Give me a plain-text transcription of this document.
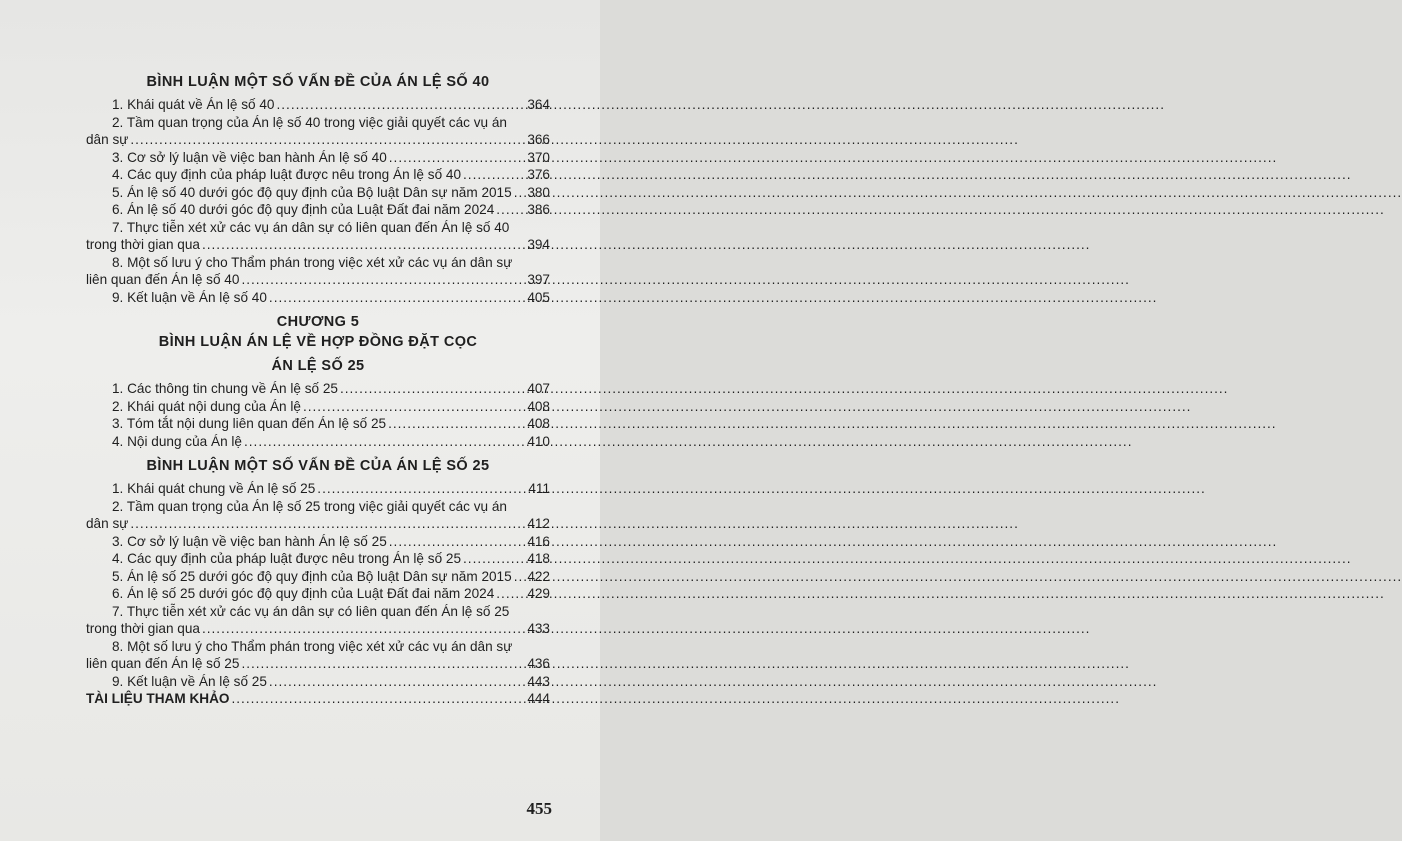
BÌNH LUẬN MỘT SỐ VẤN ĐỀ CỦA ÁN LỆ SỐ 40

1. Khái quát về Án lệ số 40 .....	364
2. Tầm quan trọng của Án lệ số 40 trong việc giải quyết các vụ án
dân sự .....	366
3. Cơ sở lý luận về việc ban hành Án lệ số 40 .....	370
4. Các quy định của pháp luật được nêu trong Án lệ số 40 .....	376
5. Án lệ số 40 dưới góc độ quy định của Bộ luật Dân sự năm 2015 ..... 380
6. Án lệ số 40 dưới góc độ quy định của Luật Đất đai năm 2024 ..... 386
7. Thực tiễn xét xử các vụ án dân sự có liên quan đến Án lệ số 40
trong thời gian qua .....	394
8. Một số lưu ý cho Thẩm phán trong việc xét xử các vụ án dân sự
liên quan đến Án lệ số 40 .....	397
9. Kết luận về Án lệ số 40 .....	405

CHƯƠNG 5

BÌNH LUẬN ÁN LỆ VỀ HỢP ĐỒNG ĐẶT CỌC

ÁN LỆ SỐ 25

1. Các thông tin chung về Án lệ số 25 .....	407
2. Khái quát nội dung của Án lệ .....	408
3. Tóm tắt nội dung liên quan đến Án lệ số 25 .....	408
4. Nội dung của Án lệ .....	410

BÌNH LUẬN MỘT SỐ VẤN ĐỀ CỦA ÁN LỆ SỐ 25

1. Khái quát chung về Án lệ số 25 .....	411
2. Tầm quan trọng của Án lệ số 25 trong việc giải quyết các vụ án
dân sự .....	412
3. Cơ sở lý luận về việc ban hành Án lệ số 25 .....	416
4. Các quy định của pháp luật được nêu trong Án lệ số 25 .....	418
5. Án lệ số 25 dưới góc độ quy định của Bộ luật Dân sự năm 2015 ..... 422
6. Án lệ số 25 dưới góc độ quy định của Luật Đất đai năm 2024 ..... 429
7. Thực tiễn xét xử các vụ án dân sự có liên quan đến Án lệ số 25
trong thời gian qua .....	433
8. Một số lưu ý cho Thẩm phán trong việc xét xử các vụ án dân sự
liên quan đến Án lệ số 25 .....	436
9. Kết luận về Án lệ số 25 .....	443
TÀI LIỆU THAM KHẢO .....	444
455
